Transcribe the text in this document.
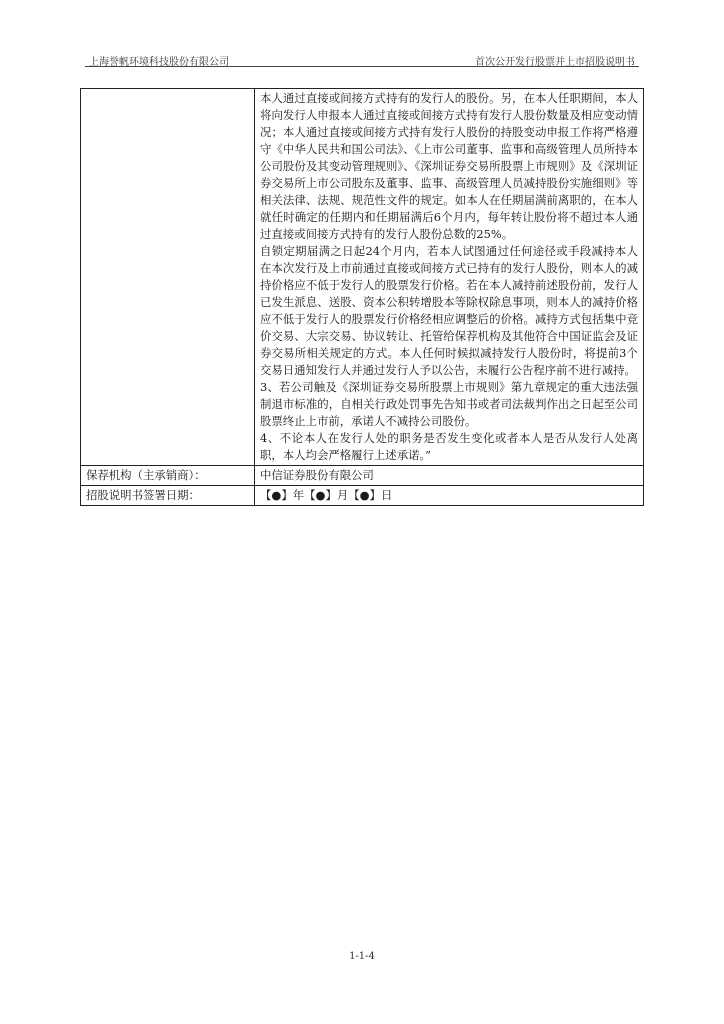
上海誉帆环境科技股份有限公司	首次公开发行股票并上市招股说明书

	本人通过直接或间接方式持有的发行人的股份。另，在本人任职期间，本人将向发行人申报本人通过直接或间接方式持有发行人股份数量及相应变动情况；本人通过直接或间接方式持有发行人股份的持股变动申报工作将严格遵守《中华人民共和国公司法》、《上市公司董事、监事和高级管理人员所持本公司股份及其变动管理规则》、《深圳证券交易所股票上市规则》及《深圳证券交易所上市公司股东及董事、监事、高级管理人员减持股份实施细则》等相关法律、法规、规范性文件的规定。如本人在任期届满前离职的，在本人就任时确定的任期内和任期届满后6个月内，每年转让股份将不超过本人通过直接或间接方式持有的发行人股份总数的25%。

自锁定期届满之日起24个月内，若本人试图通过任何途径或手段减持本人在本次发行及上市前通过直接或间接方式已持有的发行人股份，则本人的减持价格应不低于发行人的股票发行价格。若在本人减持前述股份前，发行人已发生派息、送股、资本公积转增股本等除权除息事项，则本人的减持价格应不低于发行人的股票发行价格经相应调整后的价格。减持方式包括集中竞价交易、大宗交易、协议转让、托管给保荐机构及其他符合中国证监会及证券交易所相关规定的方式。本人任何时候拟减持发行人股份时，将提前3个交易日通知发行人并通过发行人予以公告，未履行公告程序前不进行减持。

3、若公司触及《深圳证券交易所股票上市规则》第九章规定的重大违法强制退市标准的，自相关行政处罚事先告知书或者司法裁判作出之日起至公司股票终止上市前，承诺人不减持公司股份。

4、不论本人在发行人处的职务是否发生变化或者本人是否从发行人处离职，本人均会严格履行上述承诺。”

保荐机构（主承销商）：	中信证券股份有限公司
招股说明书签署日期：	【●】年【●】月【●】日
1-1-4
